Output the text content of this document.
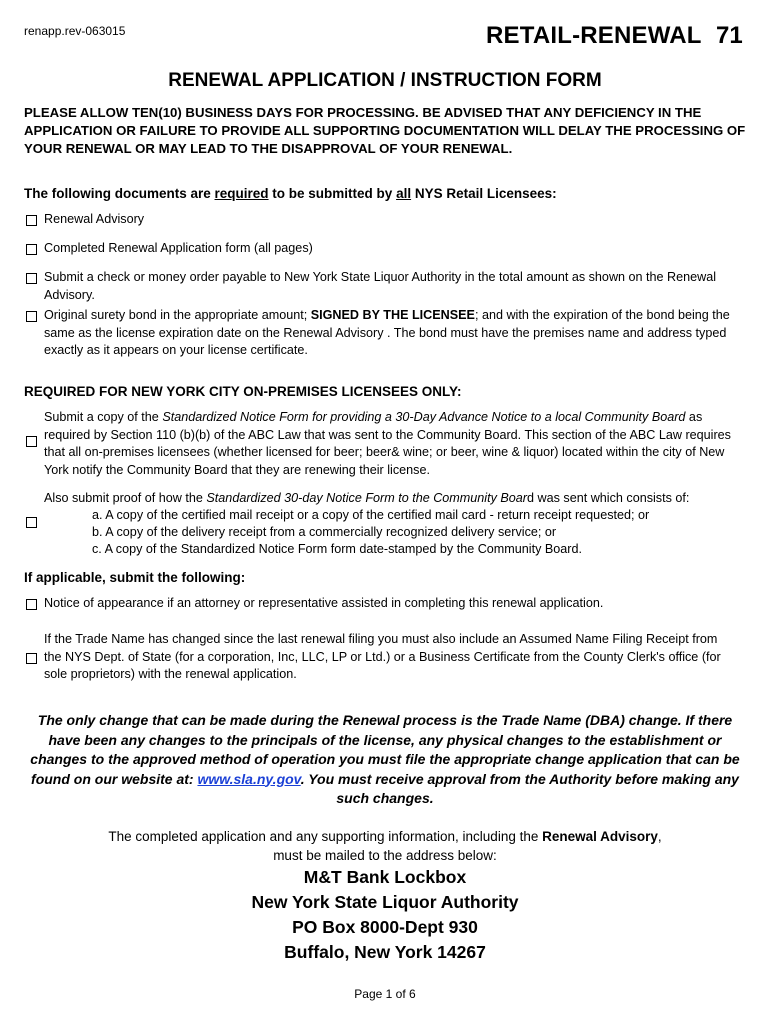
renapp.rev-063015	RETAIL-RENEWAL 71
RENEWAL APPLICATION / INSTRUCTION FORM
PLEASE ALLOW TEN(10) BUSINESS DAYS FOR PROCESSING. BE ADVISED THAT ANY DEFICIENCY IN THE APPLICATION OR FAILURE TO PROVIDE ALL SUPPORTING DOCUMENTATION WILL DELAY THE PROCESSING OF YOUR RENEWAL OR MAY LEAD TO THE DISAPPROVAL OF YOUR RENEWAL.
The following documents are required to be submitted by all NYS Retail Licensees:
Renewal Advisory
Completed Renewal Application form (all pages)
Submit a check or money order payable to New York State Liquor Authority in the total amount as shown on the Renewal Advisory.
Original surety bond in the appropriate amount; SIGNED BY THE LICENSEE; and with the expiration of the bond being the same as the license expiration date on the Renewal Advisory . The bond must have the premises name and address typed exactly as it appears on your license certificate.
REQUIRED FOR NEW YORK CITY ON-PREMISES LICENSEES ONLY:
Submit a copy of the Standardized Notice Form for providing a 30-Day Advance Notice to a local Community Board as required by Section 110 (b)(b) of the ABC Law that was sent to the Community Board. This section of the ABC Law requires that all on-premises licensees (whether licensed for beer; beer& wine; or beer, wine & liquor) located within the city of New York notify the Community Board that they are renewing their license.
Also submit proof of how the Standardized 30-day Notice Form to the Community Board was sent which consists of:
a. A copy of the certified mail receipt or a copy of the certified mail card - return receipt requested; or
b. A copy of the delivery receipt from a commercially recognized delivery service; or
c. A copy of the Standardized Notice Form form date-stamped by the Community Board.
If applicable, submit the following:
Notice of appearance if an attorney or representative assisted in completing this renewal application.
If the Trade Name has changed since the last renewal filing you must also include an Assumed Name Filing Receipt from the NYS Dept. of State (for a corporation, Inc, LLC, LP or Ltd.) or a Business Certificate from the County Clerk's office (for sole proprietors) with the renewal application.
The only change that can be made during the Renewal process is the Trade Name (DBA) change. If there have been any changes to the principals of the license, any physical changes to the establishment or changes to the approved method of operation you must file the appropriate change application that can be found on our website at: www.sla.ny.gov. You must receive approval from the Authority before making any such changes.
The completed application and any supporting information, including the Renewal Advisory,
must be mailed to the address below:
M&T Bank Lockbox
New York State Liquor Authority
PO Box 8000-Dept 930
Buffalo, New York 14267
Page 1 of 6
